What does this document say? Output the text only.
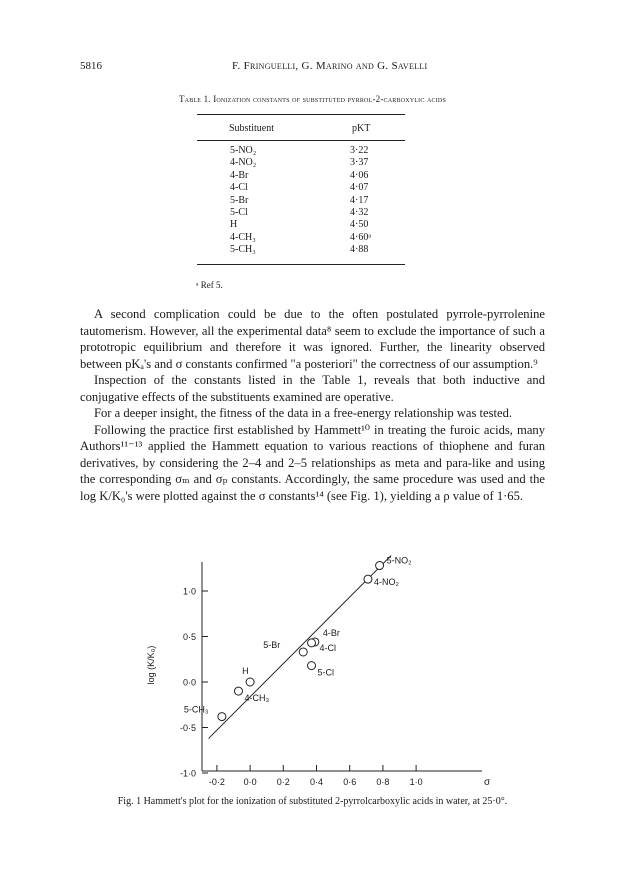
5816	F. Fringuelli, G. Marino and G. Savelli
Table 1. Ionization constants of substituted pyrrol-2-carboxylic acids
Substituent	pKT
5-NO₂	3·22
4-NO₂	3·37
4-Br	4·06
4-Cl	4·07
5-Br	4·17
5-Cl	4·32
H	4·50
4-CH₃	4·60ᵃ
5-CH₃	4·88
ᵃ Ref 5.

A second complication could be due to the often postulated pyrrole-pyrrolenine tautomerism. However, all the experimental data⁸ seem to exclude the importance of such a prototropic equilibrium and therefore it was ignored. Further, the linearity observed between pKₐ's and σ constants confirmed "a posteriori" the correctness of our assumption.⁹

Inspection of the constants listed in the Table 1, reveals that both inductive and conjugative effects of the substituents examined are operative.

For a deeper insight, the fitness of the data in a free-energy relationship was tested.

Following the practice first established by Hammett¹⁰ in treating the furoic acids, many Authors¹¹⁻¹³ applied the Hammett equation to various reactions of thiophene and furan derivatives, by considering the 2–4 and 2–5 relationships as meta and para-like and using the corresponding σₘ and σₚ constants. Accordingly, the same procedure was used and the log K/K₀'s were plotted against the σ constants¹⁴ (see Fig. 1), yielding a ρ value of 1·65.

1·0
0·5
0·0
-0·5
-1·0
-0·2 0·0 0·2 0·4 0·6 0·8 1·0	σ
log (K/K₀)
5-NO₂
4-NO₂
4-Br
4-Cl
5-Br
5-Cl
H
4-CH₃
5-CH₃
Fig. 1 Hammett's plot for the ionization of substituted 2-pyrrolcarboxylic acids in water, at 25·0°.
